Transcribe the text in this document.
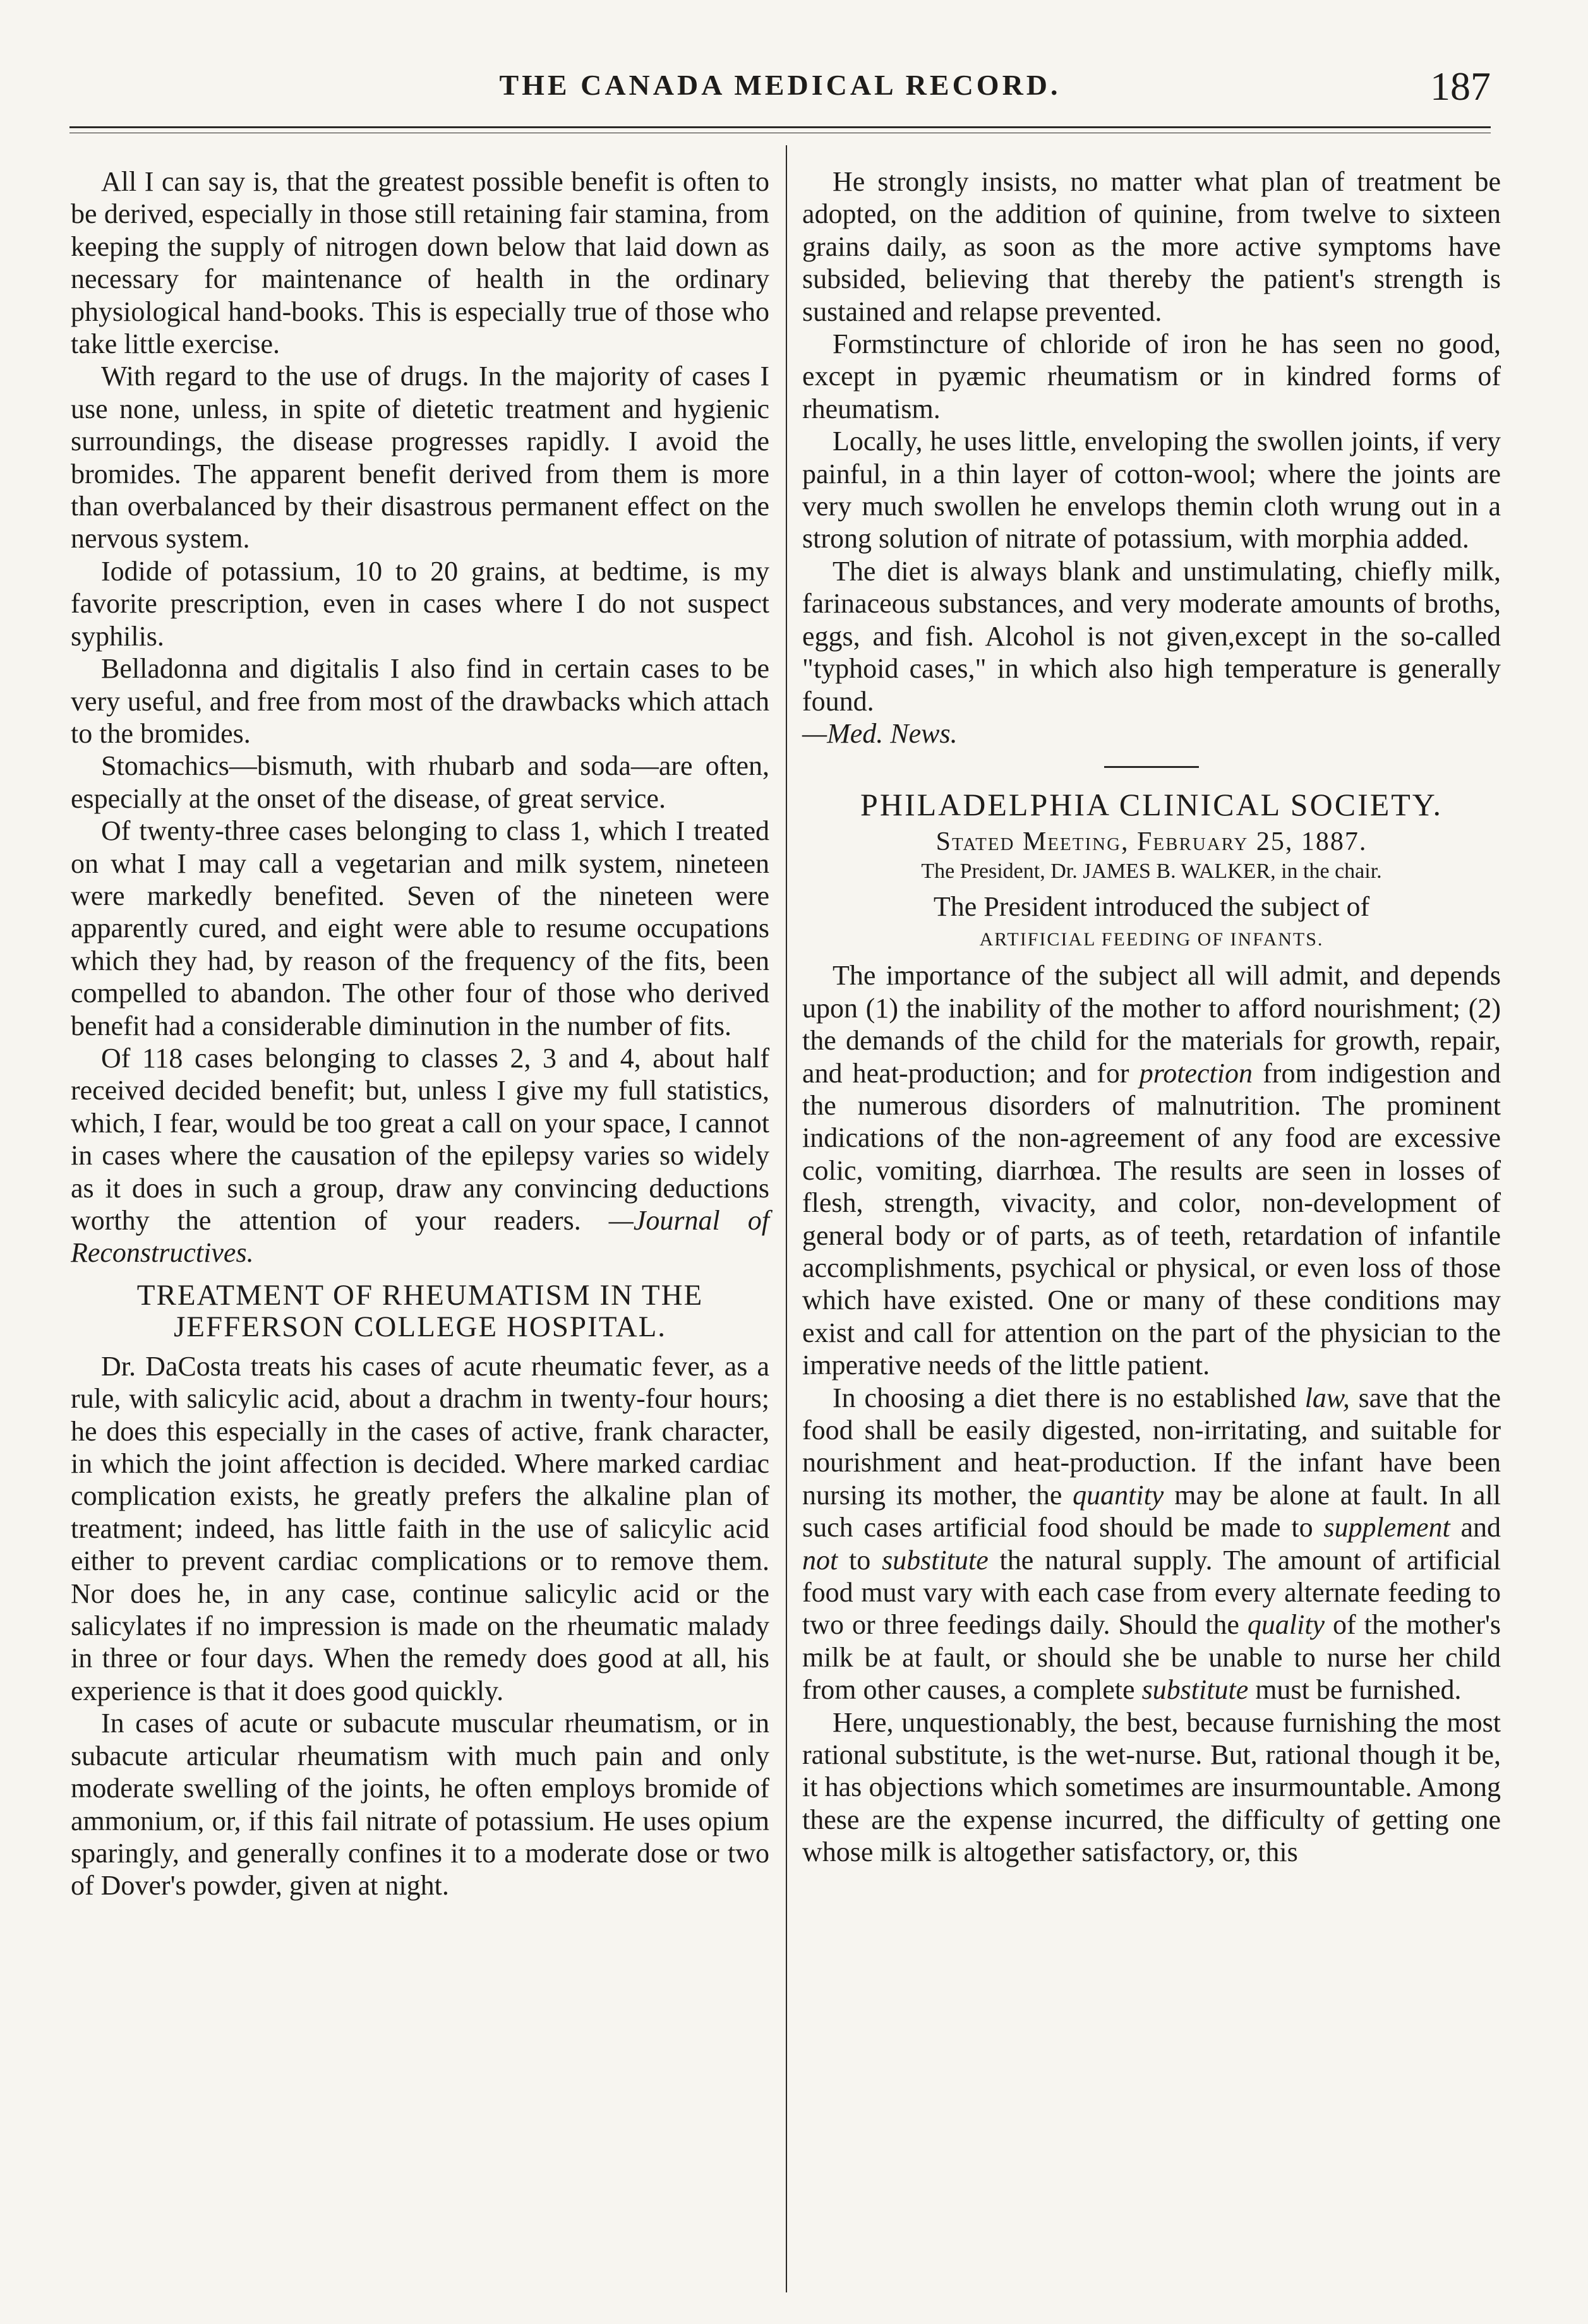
THE CANADA MEDICAL RECORD.	187

All I can say is, that the greatest possible benefit is often to be derived, especially in those still retaining fair stamina, from keeping the supply of nitrogen down below that laid down as necessary for maintenance of health in the ordinary physiological hand-books. This is especially true of those who take little exercise.

With regard to the use of drugs. In the majority of cases I use none, unless, in spite of dietetic treatment and hygienic surroundings, the disease progresses rapidly. I avoid the bromides. The apparent benefit derived from them is more than overbalanced by their disastrous permanent effect on the nervous system.

Iodide of potassium, 10 to 20 grains, at bedtime, is my favorite prescription, even in cases where I do not suspect syphilis.

Belladonna and digitalis I also find in certain cases to be very useful, and free from most of the drawbacks which attach to the bromides.

Stomachics—bismuth, with rhubarb and soda—are often, especially at the onset of the disease, of great service.

Of twenty-three cases belonging to class 1, which I treated on what I may call a vegetarian and milk system, nineteen were markedly benefited. Seven of the nineteen were apparently cured, and eight were able to resume occupations which they had, by reason of the frequency of the fits, been compelled to abandon. The other four of those who derived benefit had a considerable diminution in the number of fits.

Of 118 cases belonging to classes 2, 3 and 4, about half received decided benefit; but, unless I give my full statistics, which, I fear, would be too great a call on your space, I cannot in cases where the causation of the epilepsy varies so widely as it does in such a group, draw any convincing deductions worthy the attention of your readers. —Journal of Reconstructives.

TREATMENT OF RHEUMATISM IN THE JEFFERSON COLLEGE HOSPITAL.

Dr. DaCosta treats his cases of acute rheumatic fever, as a rule, with salicylic acid, about a drachm in twenty-four hours; he does this especially in the cases of active, frank character, in which the joint affection is decided. Where marked cardiac complication exists, he greatly prefers the alkaline plan of treatment; indeed, has little faith in the use of salicylic acid either to prevent cardiac complications or to remove them. Nor does he, in any case, continue salicylic acid or the salicylates if no impression is made on the rheumatic malady in three or four days. When the remedy does good at all, his experience is that it does good quickly.

In cases of acute or subacute muscular rheumatism, or in subacute articular rheumatism with much pain and only moderate swelling of the joints, he often employs bromide of ammonium, or, if this fail nitrate of potassium. He uses opium sparingly, and generally confines it to a moderate dose or two of Dover's powder, given at night.

He strongly insists, no matter what plan of treatment be adopted, on the addition of quinine, from twelve to sixteen grains daily, as soon as the more active symptoms have subsided, believing that thereby the patient's strength is sustained and relapse prevented.

Formstincture of chloride of iron he has seen no good, except in pyæmic rheumatism or in kindred forms of rheumatism.

Locally, he uses little, enveloping the swollen joints, if very painful, in a thin layer of cotton-wool; where the joints are very much swollen he envelops themin cloth wrung out in a strong solution of nitrate of potassium, with morphia added.

The diet is always blank and unstimulating, chiefly milk, farinaceous substances, and very moderate amounts of broths, eggs, and fish. Alcohol is not given,except in the so-called "typhoid cases," in which also high temperature is generally found.

—Med. News.

PHILADELPHIA CLINICAL SOCIETY.
Stated Meeting, February 25, 1887.
The President, Dr. JAMES B. WALKER, in the chair.
The President introduced the subject of
ARTIFICIAL FEEDING OF INFANTS.

The importance of the subject all will admit, and depends upon (1) the inability of the mother to afford nourishment; (2) the demands of the child for the materials for growth, repair, and heat-production; and for protection from indigestion and the numerous disorders of malnutrition. The prominent indications of the non-agreement of any food are excessive colic, vomiting, diarrhœa. The results are seen in losses of flesh, strength, vivacity, and color, non-development of general body or of parts, as of teeth, retardation of infantile accomplishments, psychical or physical, or even loss of those which have existed. One or many of these conditions may exist and call for attention on the part of the physician to the imperative needs of the little patient.

In choosing a diet there is no established law, save that the food shall be easily digested, non-irritating, and suitable for nourishment and heat-production. If the infant have been nursing its mother, the quantity may be alone at fault. In all such cases artificial food should be made to supplement and not to substitute the natural supply. The amount of artificial food must vary with each case from every alternate feeding to two or three feedings daily. Should the quality of the mother's milk be at fault, or should she be unable to nurse her child from other causes, a complete substitute must be furnished.

Here, unquestionably, the best, because furnishing the most rational substitute, is the wet-nurse. But, rational though it be, it has objections which sometimes are insurmountable. Among these are the expense incurred, the difficulty of getting one whose milk is altogether satisfactory, or, this
